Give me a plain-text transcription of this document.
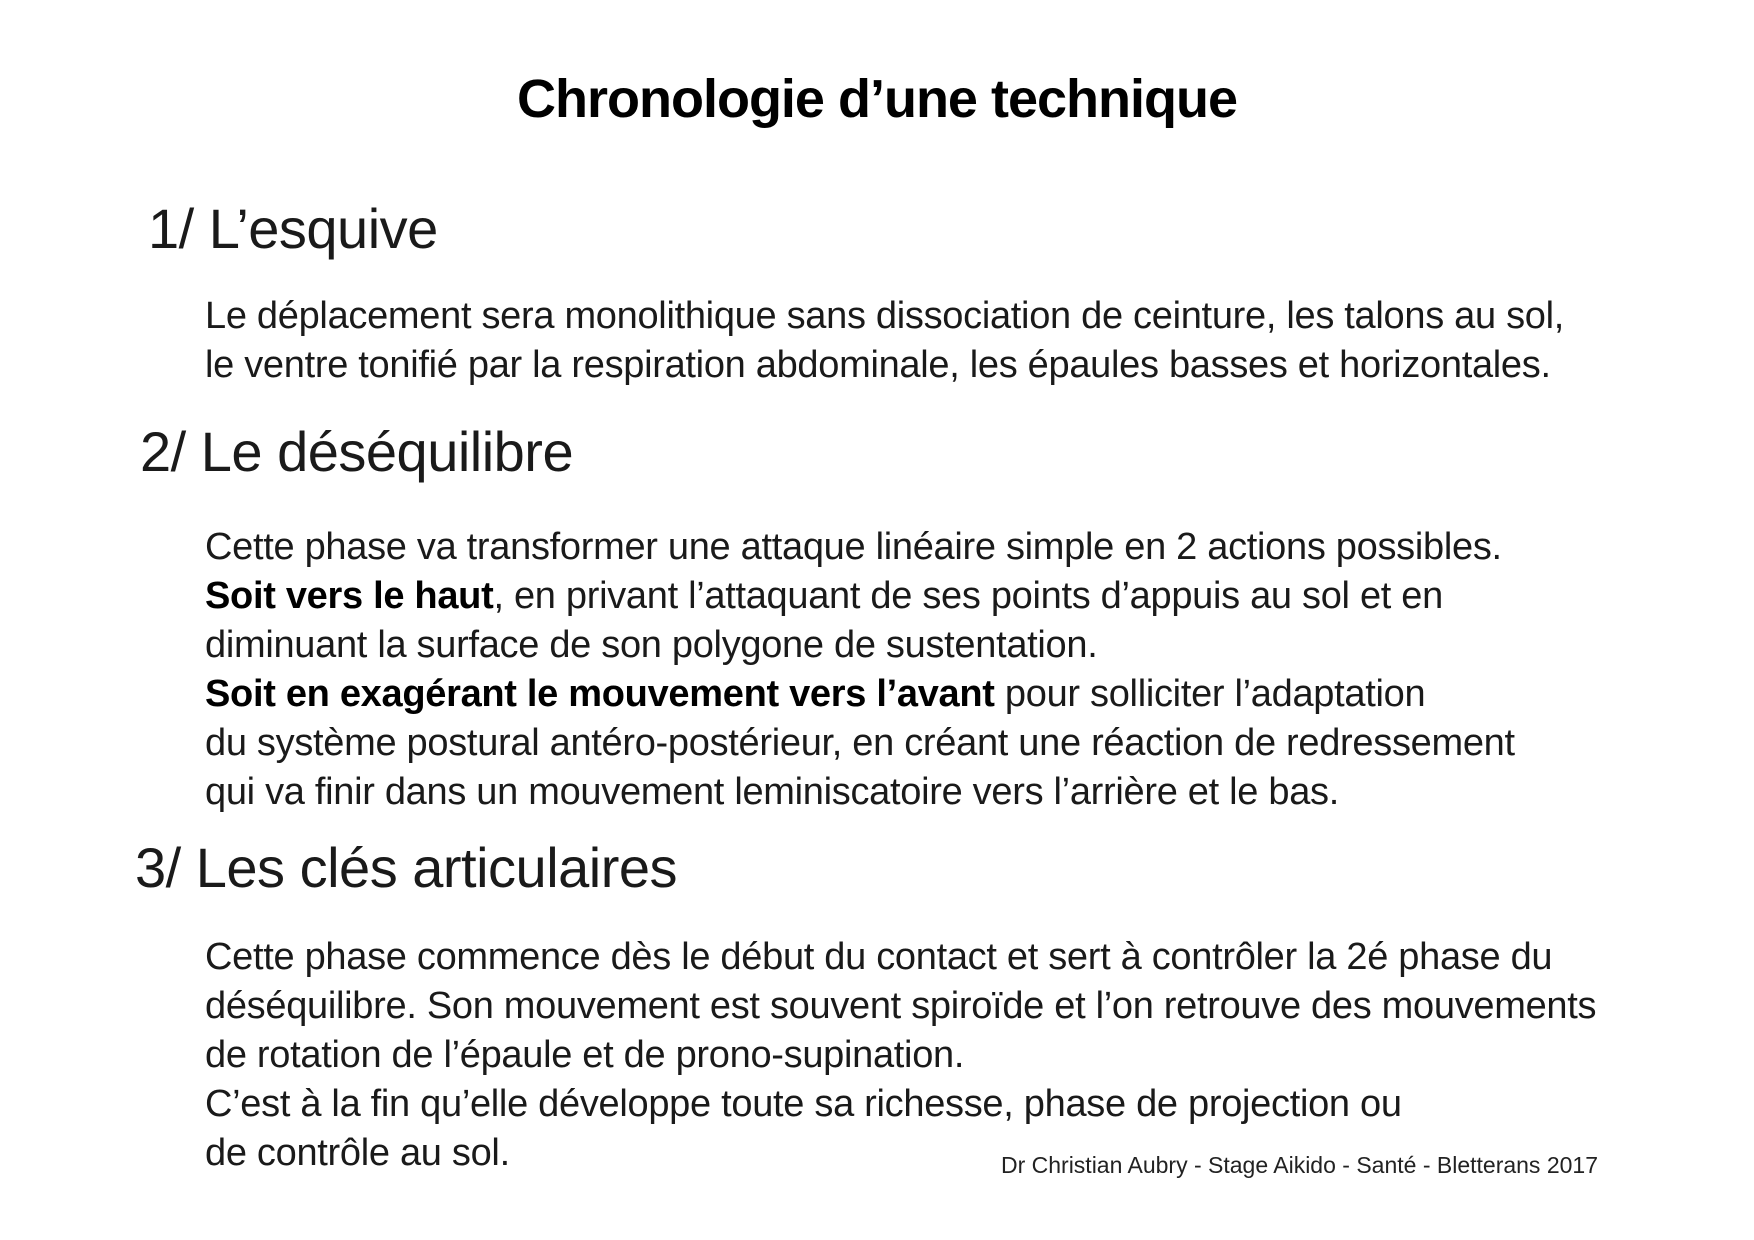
Chronologie d’une technique
1/ L’esquive
Le déplacement sera monolithique sans dissociation de ceinture, les talons au sol,
le ventre tonifié par la respiration abdominale, les épaules basses et horizontales.
2/ Le déséquilibre
Cette phase va transformer une attaque linéaire simple en 2 actions possibles.
Soit vers le haut, en privant l’attaquant de ses points d’appuis au sol et en
diminuant la surface de son polygone de sustentation.
Soit en exagérant le mouvement vers l’avant pour solliciter l’adaptation
du système postural antéro-postérieur, en créant une réaction de redressement
qui va finir dans un mouvement leminiscatoire vers l’arrière et le bas.
3/ Les clés articulaires
Cette phase commence dès le début du contact et sert à contrôler la 2é phase du
déséquilibre. Son mouvement est souvent spiroïde et l’on retrouve des mouvements
de rotation de l’épaule et de prono-supination.
C’est à la fin qu’elle développe toute sa richesse, phase de projection ou
de contrôle au sol.	Dr Christian Aubry - Stage Aikido - Santé - Bletterans 2017
